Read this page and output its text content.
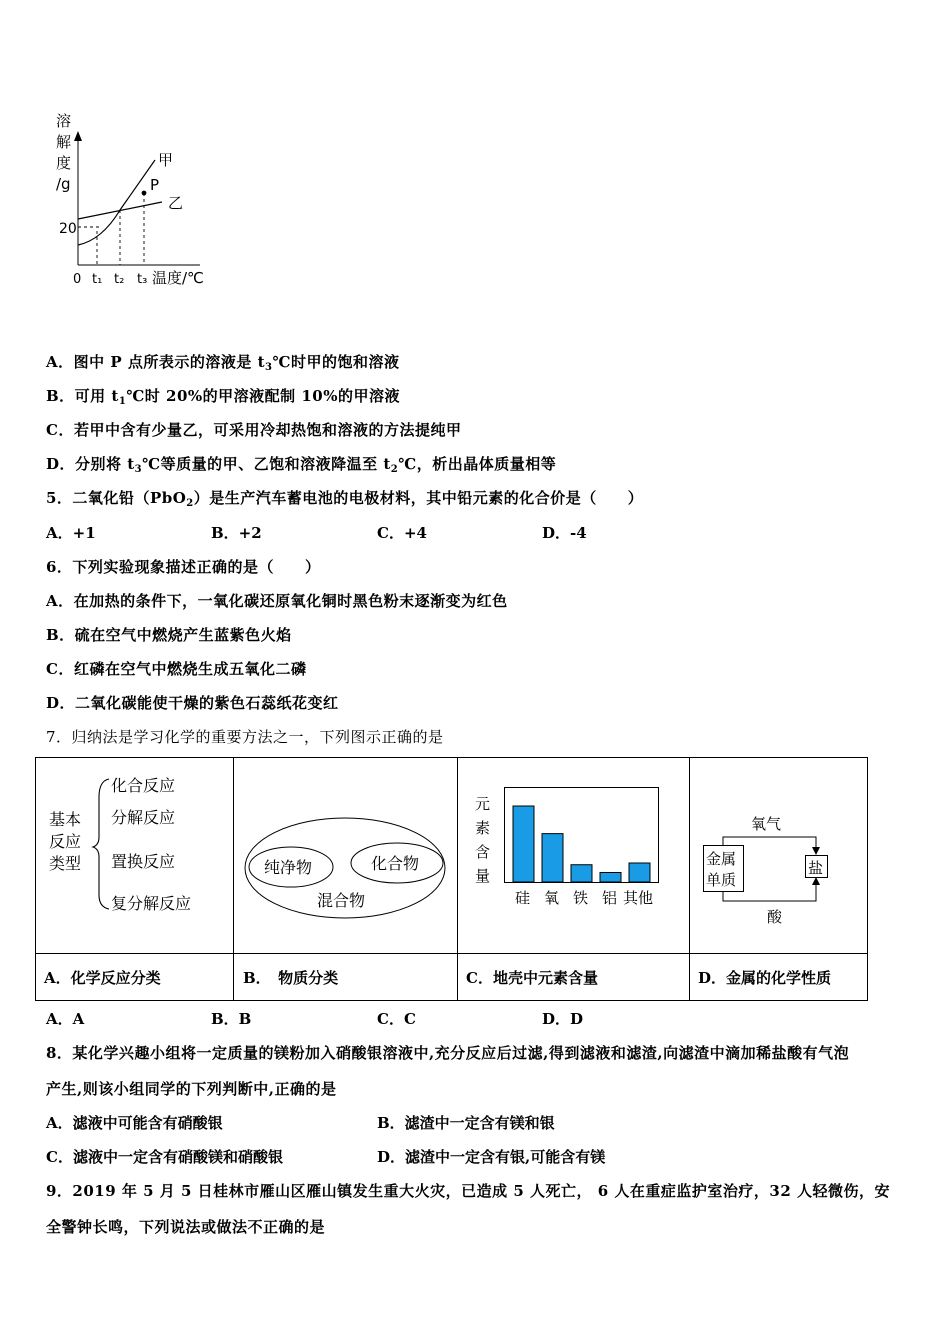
溶
解
度
/g	P
甲
乙
20
0 t₁ t₂ t₃ 温度/℃
A．图中 P 点所表示的溶液是 $t_3℃$时甲的饱和溶液
B．可用 $t_1℃$时 20%的甲溶液配制 10%的甲溶液
C．若甲中含有少量乙，可采用冷却热饱和溶液的方法提纯甲
D．分别将 $t_3℃$等质量的甲、乙饱和溶液降温至 $t_2℃$，析出晶体质量相等
5．二氧化铅（PbO$_2$）是生产汽车蓄电池的电极材料，其中铅元素的化合价是（　　）
A．+1	B．+2	C．+4	D．-4
6．下列实验现象描述正确的是（　　）
A．在加热的条件下，一氧化碳还原氧化铜时黑色粉末逐渐变为红色
B．硫在空气中燃烧产生蓝紫色火焰
C．红磷在空气中燃烧生成五氧化二磷
D．二氧化碳能使干燥的紫色石蕊纸花变红
7．归纳法是学习化学的重要方法之一，下列图示正确的是
基本
反应
类型
化合反应
分解反应
置换反应
复分解反应
纯净物	化合物
混合物
元
素
含
量
硅 氧 铁 铝 其他
金属
单质
盐
氧气
酸
A．化学反应分类	B．　物质分类	C．地壳中元素含量	D．金属的化学性质
A．A	B．B	C．C	D．D
8．某化学兴趣小组将一定质量的镁粉加入硝酸银溶液中,充分反应后过滤,得到滤液和滤渣,向滤渣中滴加稀盐酸有气泡
产生,则该小组同学的下列判断中,正确的是
A．滤液中可能含有硝酸银	B．滤渣中一定含有镁和银
C．滤液中一定含有硝酸镁和硝酸银	D．滤渣中一定含有银,可能含有镁
9．2019 年 5 月 5 日桂林市雁山区雁山镇发生重大火灾，已造成 5 人死亡， 6 人在重症监护室治疗，32 人轻微伤，安
全警钟长鸣，下列说法或做法不正确的是
